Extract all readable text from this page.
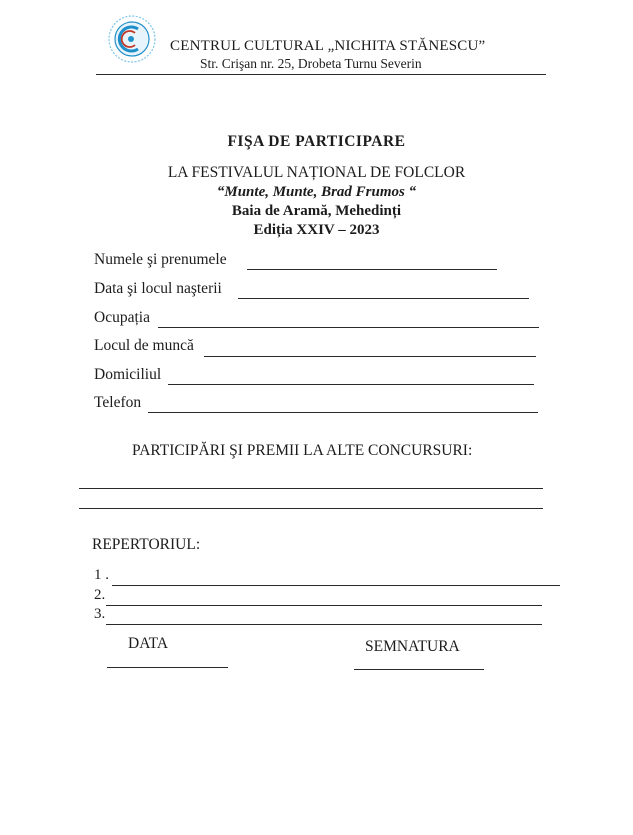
CENTRUL CULTURAL „NICHITA STĂNESCU”
Str. Crişan nr. 25, Drobeta Turnu Severin
FIŞA DE PARTICIPARE
LA FESTIVALUL NAȚIONAL DE FOLCLOR
“Munte, Munte, Brad Frumos “
Baia de Aramă, Mehedinți
Ediția XXIV – 2023
Numele şi prenumele
Data şi locul naşterii
Ocupația
Locul de muncă
Domiciliul
Telefon
PARTICIPĂRI ŞI PREMII LA ALTE CONCURSURI:
REPERTORIUL:
1 .
2.
3.
DATA	SEMNATURA
